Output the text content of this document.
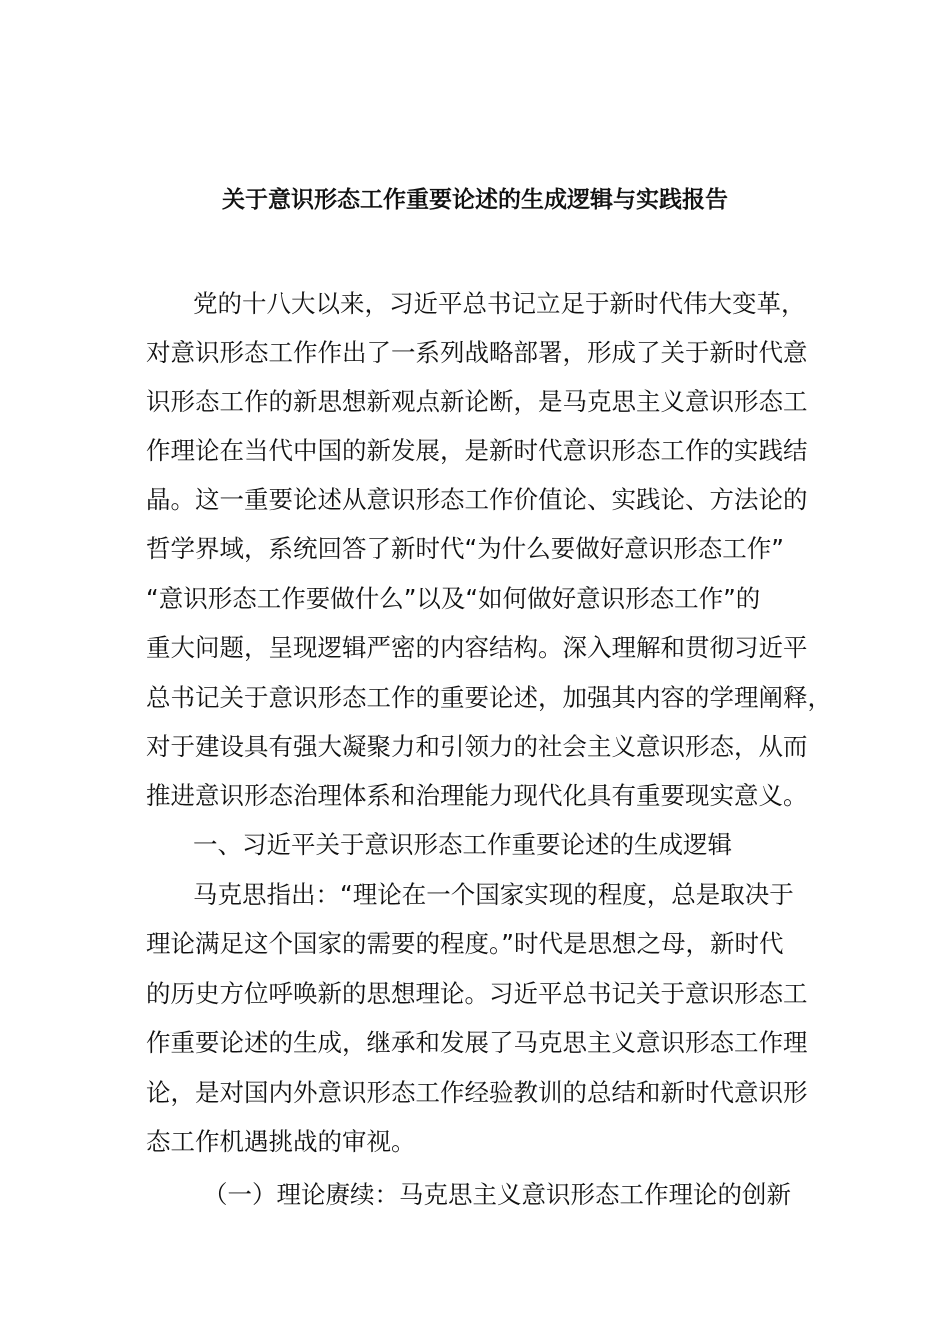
关于意识形态工作重要论述的生成逻辑与实践报告

党的十八大以来，习近平总书记立足于新时代伟大变革，

对意识形态工作作出了一系列战略部署，形成了关于新时代意

识形态工作的新思想新观点新论断，是马克思主义意识形态工

作理论在当代中国的新发展，是新时代意识形态工作的实践结

晶。这一重要论述从意识形态工作价值论、实践论、方法论的

哲学界域，系统回答了新时代“为什么要做好意识形态工作”

“意识形态工作要做什么”以及“如何做好意识形态工作”的

重大问题，呈现逻辑严密的内容结构。深入理解和贯彻习近平

总书记关于意识形态工作的重要论述，加强其内容的学理阐释，

对于建设具有强大凝聚力和引领力的社会主义意识形态，从而

推进意识形态治理体系和治理能力现代化具有重要现实意义。

一、习近平关于意识形态工作重要论述的生成逻辑

马克思指出：“理论在一个国家实现的程度，总是取决于

理论满足这个国家的需要的程度。”时代是思想之母，新时代

的历史方位呼唤新的思想理论。习近平总书记关于意识形态工

作重要论述的生成，继承和发展了马克思主义意识形态工作理

论，是对国内外意识形态工作经验教训的总结和新时代意识形

态工作机遇挑战的审视。

（一）理论赓续：马克思主义意识形态工作理论的创新
